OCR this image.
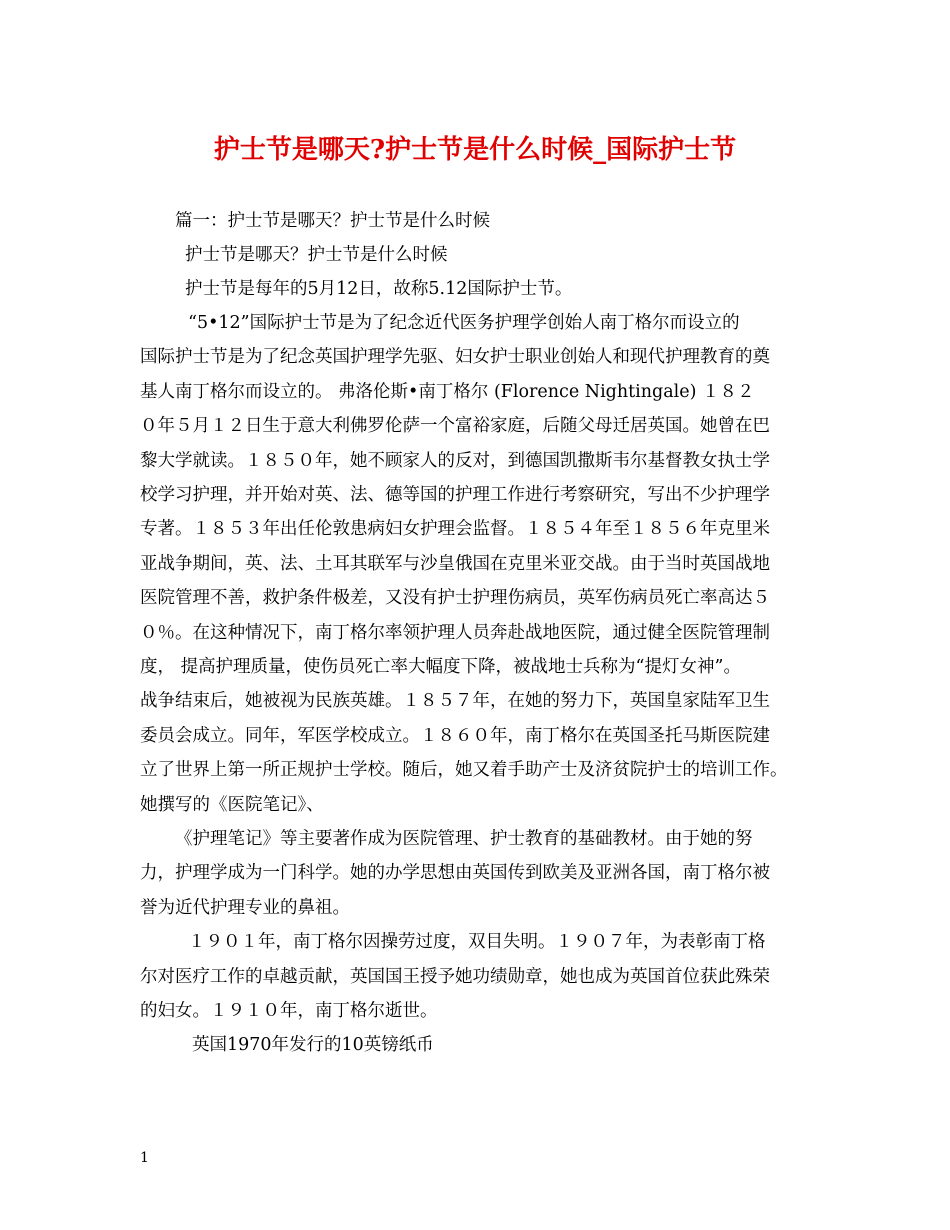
护士节是哪天?护士节是什么时候_国际护士节
篇一：护士节是哪天？护士节是什么时候
护士节是哪天？护士节是什么时候
护士节是每年的5月12日，故称5.12国际护士节。
“5•12”国际护士节是为了纪念近代医务护理学创始人南丁格尔而设立的
国际护士节是为了纪念英国护理学先驱、妇女护士职业创始人和现代护理教育的奠
基人南丁格尔而设立的。 弗洛伦斯•南丁格尔 (Florence Nightingale) １８２
０年５月１２日生于意大利佛罗伦萨一个富裕家庭，后随父母迁居英国。她曾在巴
黎大学就读。１８５０年，她不顾家人的反对，到德国凯撒斯韦尔基督教女执士学
校学习护理，并开始对英、法、德等国的护理工作进行考察研究，写出不少护理学
专著。１８５３年出任伦敦患病妇女护理会监督。１８５４年至１８５６年克里米
亚战争期间，英、法、土耳其联军与沙皇俄国在克里米亚交战。由于当时英国战地
医院管理不善，救护条件极差，又没有护士护理伤病员，英军伤病员死亡率高达５
０％。在这种情况下，南丁格尔率领护理人员奔赴战地医院，通过健全医院管理制
度， 提高护理质量，使伤员死亡率大幅度下降，被战地士兵称为“提灯女神”。
战争结束后，她被视为民族英雄。１８５７年，在她的努力下，英国皇家陆军卫生
委员会成立。同年，军医学校成立。１８６０年，南丁格尔在英国圣托马斯医院建
立了世界上第一所正规护士学校。随后，她又着手助产士及济贫院护士的培训工作。
她撰写的《医院笔记》、
《护理笔记》等主要著作成为医院管理、护士教育的基础教材。由于她的努
力，护理学成为一门科学。她的办学思想由英国传到欧美及亚洲各国，南丁格尔被
誉为近代护理专业的鼻祖。
１９０１年，南丁格尔因操劳过度，双目失明。１９０７年，为表彰南丁格
尔对医疗工作的卓越贡献，英国国王授予她功绩勋章，她也成为英国首位获此殊荣
的妇女。１９１０年，南丁格尔逝世。
英国1970年发行的10英镑纸币
1
